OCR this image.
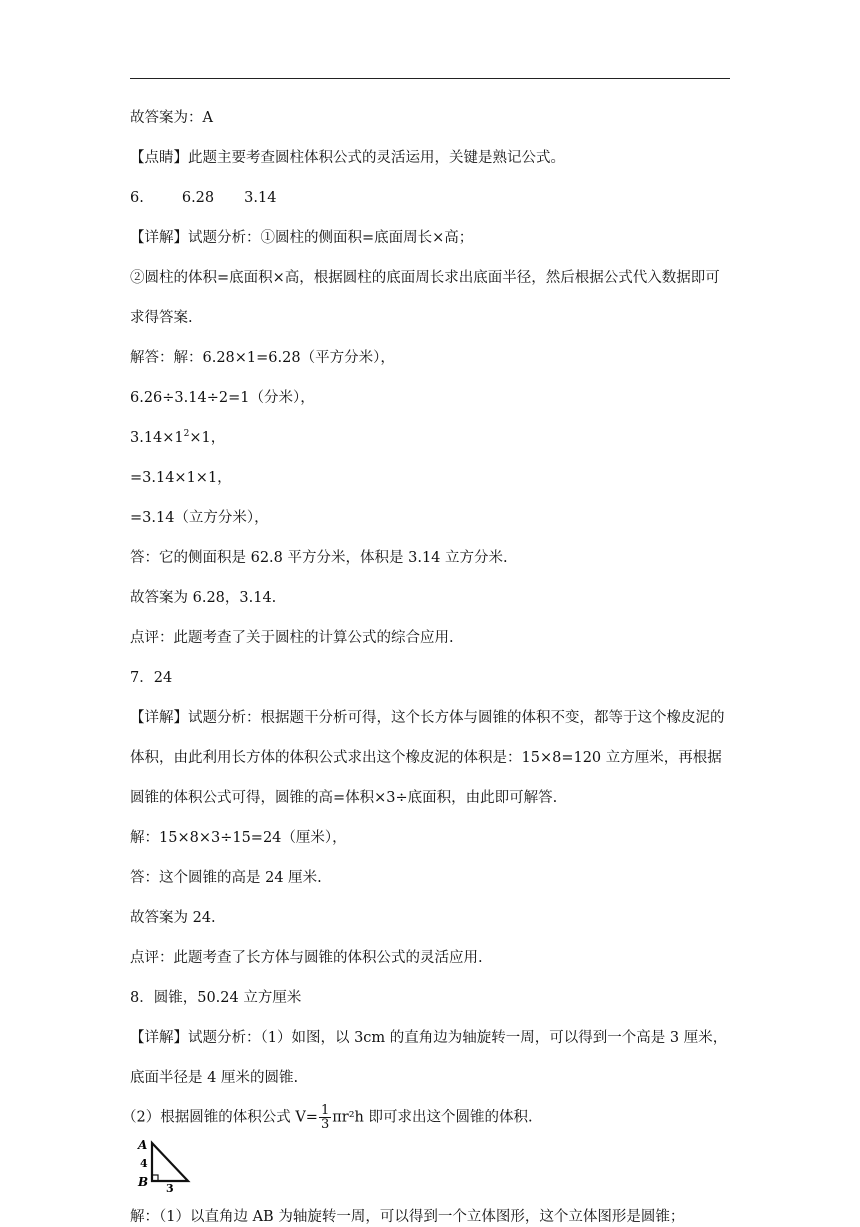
故答案为：A

【点睛】此题主要考查圆柱体积公式的灵活运用，关键是熟记公式。

6.	6.28 3.14

【详解】试题分析：①圆柱的侧面积=底面周长×高；

②圆柱的体积=底面积×高，根据圆柱的底面周长求出底面半径，然后根据公式代入数据即可求得答案.

解答：解：6.28×1=6.28（平方分米），

6.26÷3.14÷2=1（分米），

$3.14\times 1^2\times 1$，

=3.14×1×1，

=3.14（立方分米），

答：它的侧面积是 62.8 平方分米，体积是 3.14 立方分米.

故答案为 6.28，3.14.

点评：此题考查了关于圆柱的计算公式的综合应用.

7．24

【详解】试题分析：根据题干分析可得，这个长方体与圆锥的体积不变，都等于这个橡皮泥的体积，由此利用长方体的体积公式求出这个橡皮泥的体积是：15×8=120 立方厘米，再根据圆锥的体积公式可得，圆锥的高=体积×3÷底面积，由此即可解答.

解：15×8×3÷15=24（厘米），

答：这个圆锥的高是 24 厘米.

故答案为 24.

点评：此题考查了长方体与圆锥的体积公式的灵活应用.

8．圆锥，50.24 立方厘米

【详解】试题分析：（1）如图，以 3cm 的直角边为轴旋转一周，可以得到一个高是 3 厘米，底面半径是 4 厘米的圆锥.

（2）根据圆锥的体积公式 $V= \frac{1}{3} \pi r^2h$ 即可求出这个圆锥的体积.

A
4
B 3

解：（1）以直角边 AB 为轴旋转一周，可以得到一个立体图形，这个立体图形是圆锥；
